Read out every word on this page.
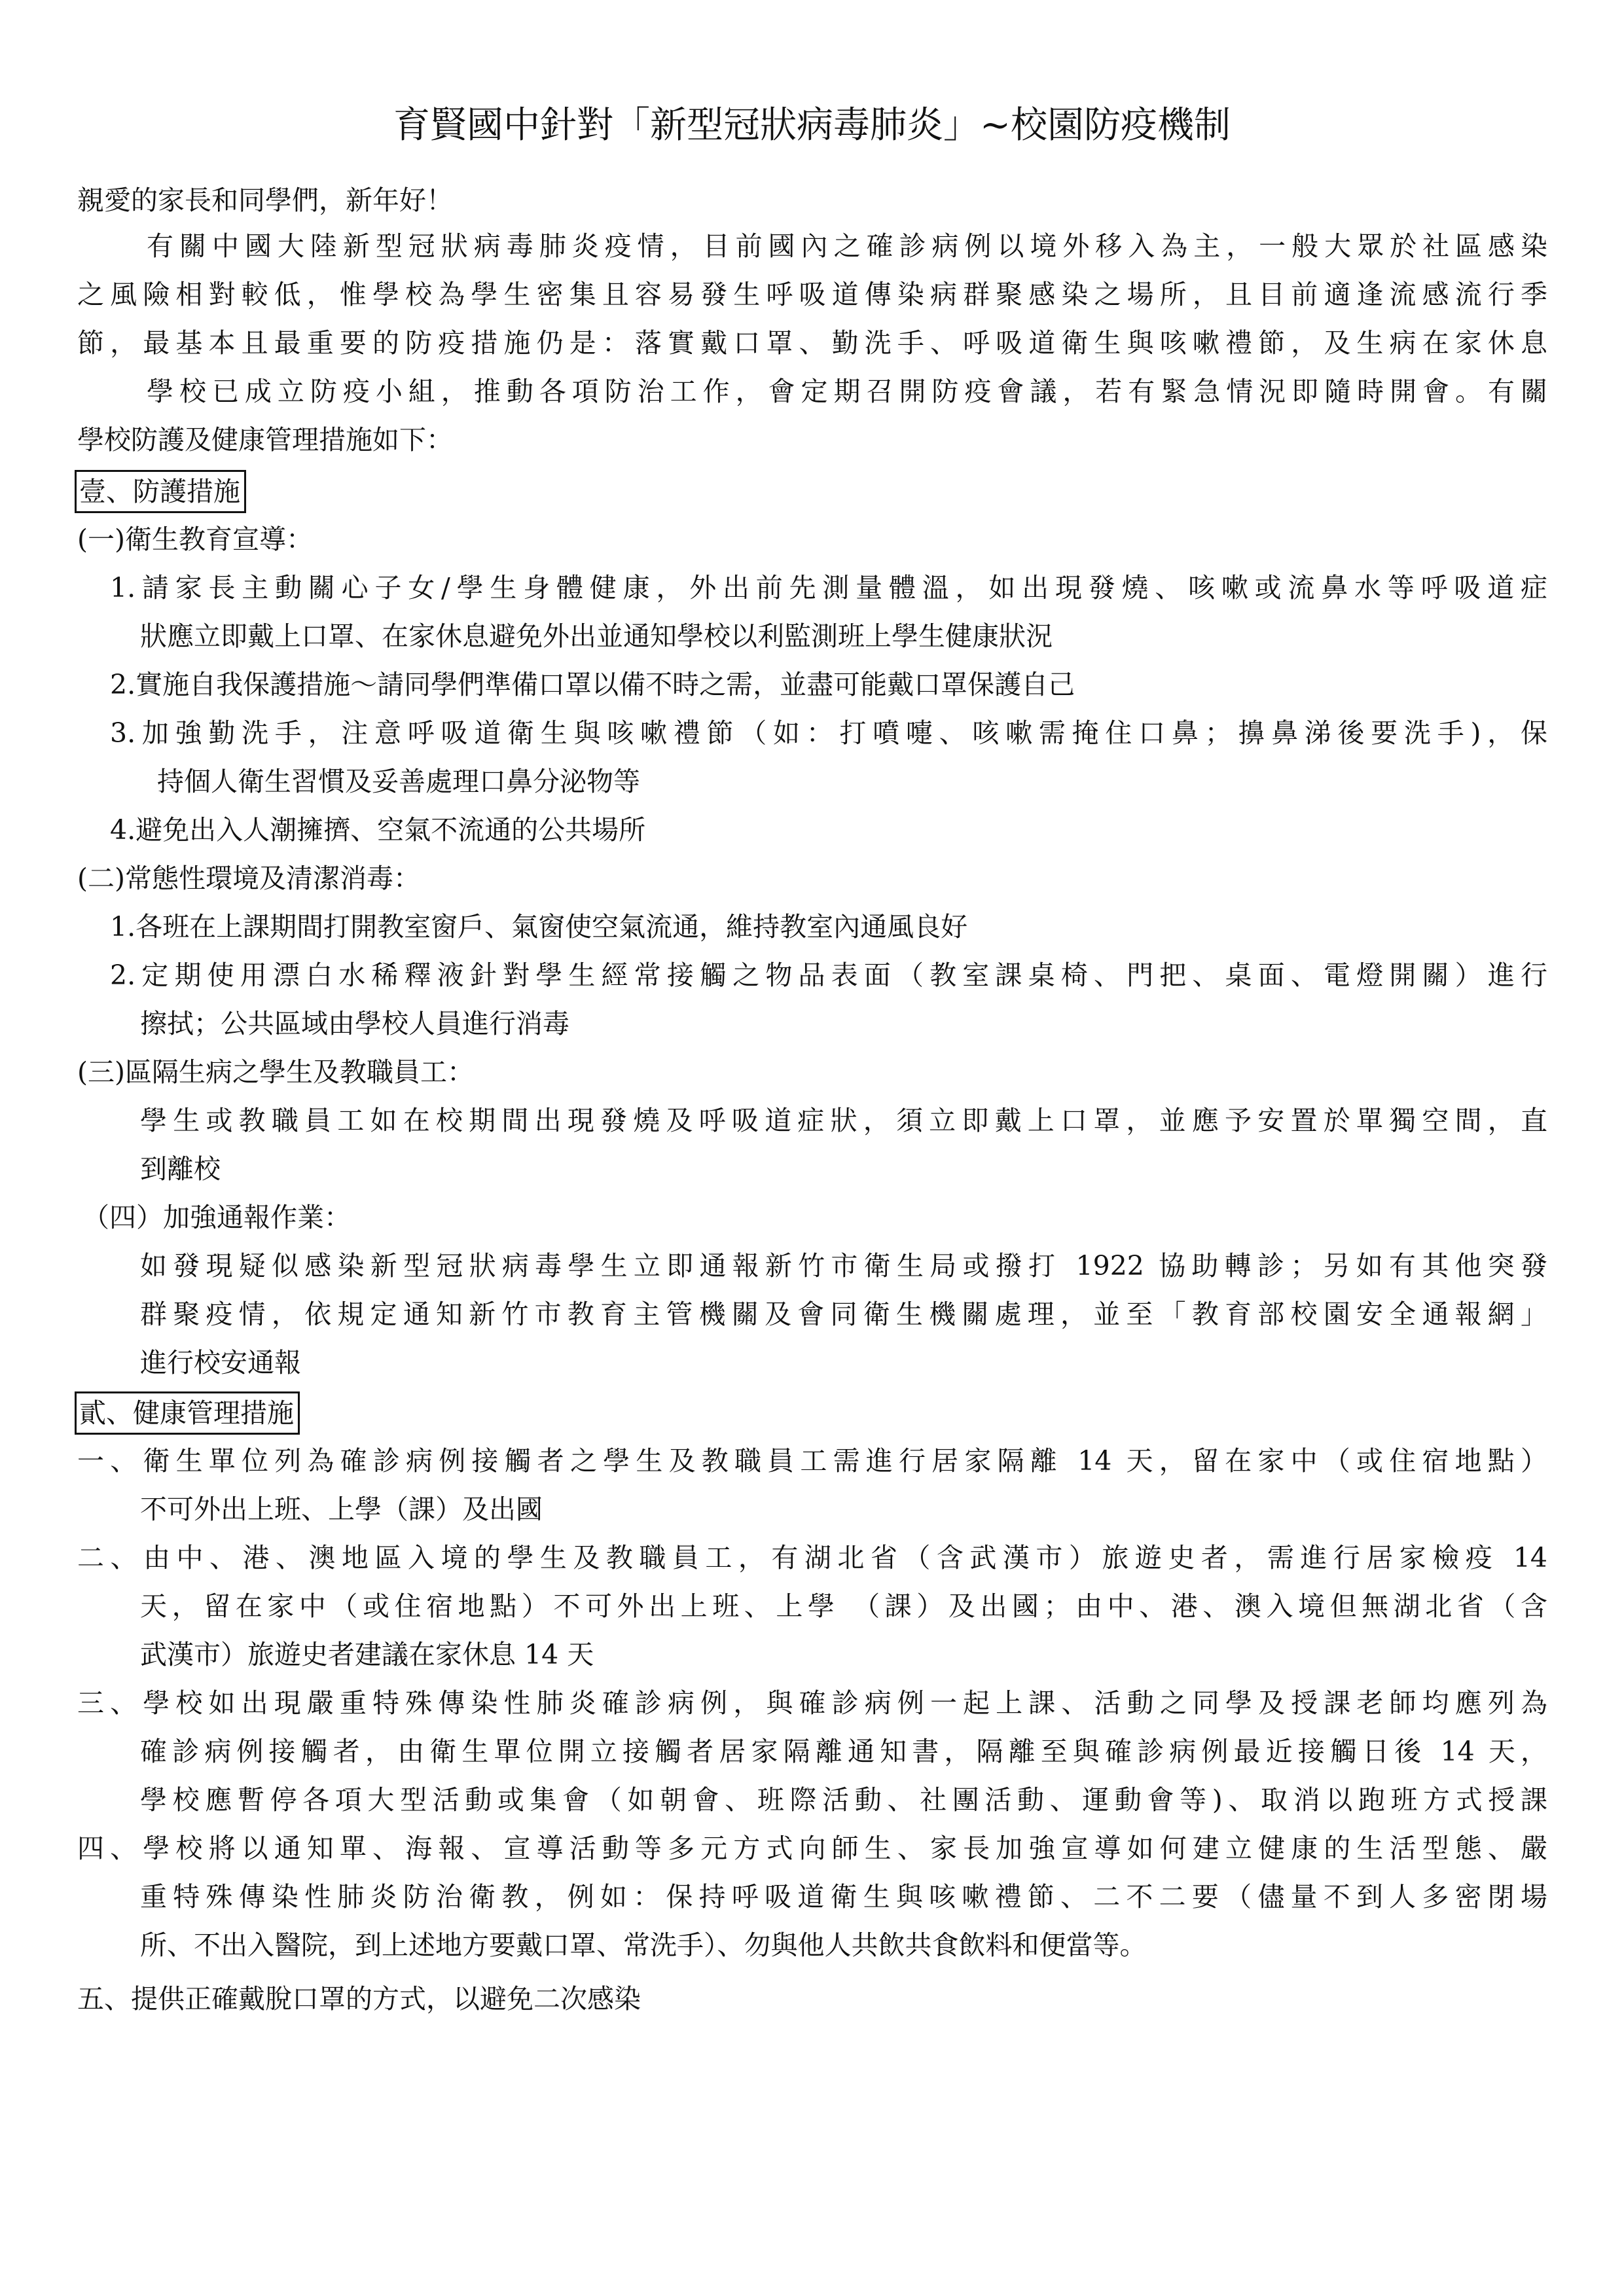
育賢國中針對「新型冠狀病毒肺炎」~校園防疫機制
親愛的家長和同學們，新年好！
有關中國大陸新型冠狀病毒肺炎疫情，目前國內之確診病例以境外移入為主，一般大眾於社區感染
之風險相對較低，惟學校為學生密集且容易發生呼吸道傳染病群聚感染之場所，且目前適逢流感流行季
節，最基本且最重要的防疫措施仍是：落實戴口罩、勤洗手、呼吸道衛生與咳嗽禮節，及生病在家休息
學校已成立防疫小組，推動各項防治工作，會定期召開防疫會議，若有緊急情況即隨時開會。有關
學校防護及健康管理措施如下：
壹、防護措施
(一)衛生教育宣導：
1.請家長主動關心子女/學生身體健康，外出前先測量體溫，如出現發燒、咳嗽或流鼻水等呼吸道症
狀應立即戴上口罩、在家休息避免外出並通知學校以利監測班上學生健康狀況
2.實施自我保護措施～請同學們準備口罩以備不時之需，並盡可能戴口罩保護自己
3.加強勤洗手，注意呼吸道衛生與咳嗽禮節（如：打噴嚏、咳嗽需掩住口鼻；擤鼻涕後要洗手)，保
持個人衛生習慣及妥善處理口鼻分泌物等
4.避免出入人潮擁擠、空氣不流通的公共場所
(二)常態性環境及清潔消毒：
1.各班在上課期間打開教室窗戶、氣窗使空氣流通，維持教室內通風良好
2.定期使用漂白水稀釋液針對學生經常接觸之物品表面（教室課桌椅、門把、桌面、電燈開關）進行
擦拭；公共區域由學校人員進行消毒
(三)區隔生病之學生及教職員工：
學生或教職員工如在校期間出現發燒及呼吸道症狀，須立即戴上口罩，並應予安置於單獨空間，直
到離校
（四）加強通報作業：
如發現疑似感染新型冠狀病毒學生立即通報新竹市衛生局或撥打 1922 協助轉診；另如有其他突發
群聚疫情，依規定通知新竹市教育主管機關及會同衛生機關處理，並至「教育部校園安全通報網」
進行校安通報
貳、健康管理措施
一、衛生單位列為確診病例接觸者之學生及教職員工需進行居家隔離 14 天，留在家中（或住宿地點）
不可外出上班、上學（課）及出國
二、由中、港、澳地區入境的學生及教職員工，有湖北省（含武漢市）旅遊史者，需進行居家檢疫 14
天，留在家中（或住宿地點）不可外出上班、上學 （課）及出國；由中、港、澳入境但無湖北省（含
武漢市）旅遊史者建議在家休息 14 天
三、學校如出現嚴重特殊傳染性肺炎確診病例，與確診病例一起上課、活動之同學及授課老師均應列為
確診病例接觸者，由衛生單位開立接觸者居家隔離通知書，隔離至與確診病例最近接觸日後 14 天，
學校應暫停各項大型活動或集會（如朝會、班際活動、社團活動、運動會等)、取消以跑班方式授課
四、學校將以通知單、海報、宣導活動等多元方式向師生、家長加強宣導如何建立健康的生活型態、嚴
重特殊傳染性肺炎防治衛教，例如：保持呼吸道衛生與咳嗽禮節、二不二要（儘量不到人多密閉場
所、不出入醫院，到上述地方要戴口罩、常洗手）、勿與他人共飲共食飲料和便當等。
五、提供正確戴脫口罩的方式，以避免二次感染
